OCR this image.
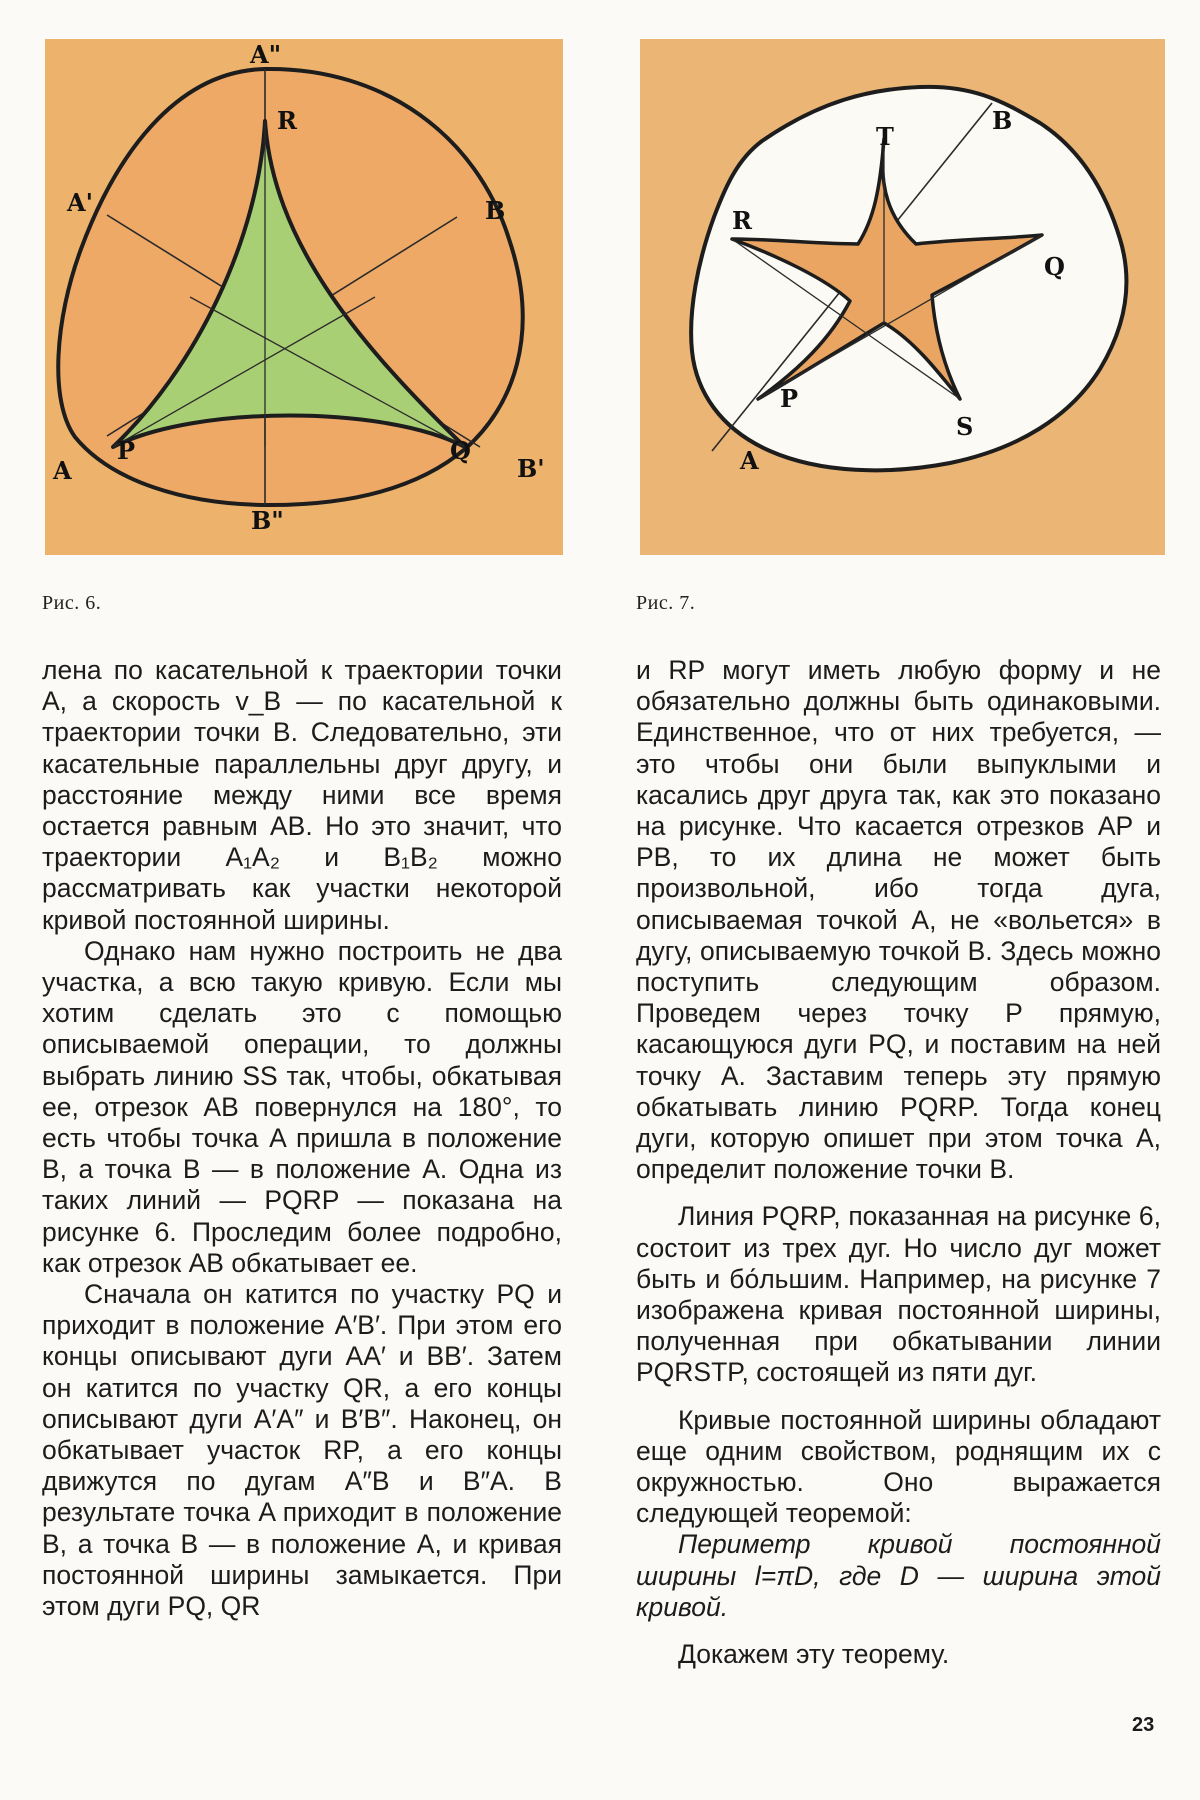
A"
R
A'	B
P
A
Q
B'
B"
T
B
R
Q
P
S
A
Рис. 6.	Рис. 7.

лена по касательной к траектории точки A, а скорость v_B — по касательной к траектории точки B. Следовательно, эти касательные параллельны друг другу, и расстояние между ними все время остается равным AB. Но это значит, что траектории A₁A₂ и B₁B₂ можно рассматривать как участки некоторой кривой постоянной ширины.

Однако нам нужно построить не два участка, а всю такую кривую. Если мы хотим сделать это с помощью описываемой операции, то должны выбрать линию SS так, чтобы, обкатывая ее, отрезок AB повернулся на 180°, то есть чтобы точка A пришла в положение B, а точка B — в положение A. Одна из таких линий — PQRP — показана на рисунке 6. Проследим более подробно, как отрезок AB обкатывает ее.

Сначала он катится по участку PQ и приходит в положение A′B′. При этом его концы описывают дуги AA′ и BB′. Затем он катится по участку QR, а его концы описывают дуги A′A″ и B′B″. Наконец, он обкатывает участок RP, а его концы движутся по дугам A″B и B″A. В результате точка A приходит в положение B, а точка B — в положение A, и кривая постоянной ширины замыкается. При этом дуги PQ, QR

и RP могут иметь любую форму и не обязательно должны быть одинаковыми. Единственное, что от них требуется, — это чтобы они были выпуклыми и касались друг друга так, как это показано на рисунке. Что касается отрезков AP и PB, то их длина не может быть произвольной, ибо тогда дуга, описываемая точкой A, не «вольется» в дугу, описываемую точкой B. Здесь можно поступить следующим образом. Проведем через точку P прямую, касающуюся дуги PQ, и поставим на ней точку A. Заставим теперь эту прямую обкатывать линию PQRP. Тогда конец дуги, которую опишет при этом точка A, определит положение точки B.

Линия PQRP, показанная на рисунке 6, состоит из трех дуг. Но число дуг может быть и бо́льшим. Например, на рисунке 7 изображена кривая постоянной ширины, полученная при обкатывании линии PQRSTP, состоящей из пяти дуг.

Кривые постоянной ширины обладают еще одним свойством, роднящим их с окружностью. Оно выражается следующей теоремой:

Периметр кривой постоянной ширины l=πD, где D — ширина этой кривой.

Докажем эту теорему.

23
